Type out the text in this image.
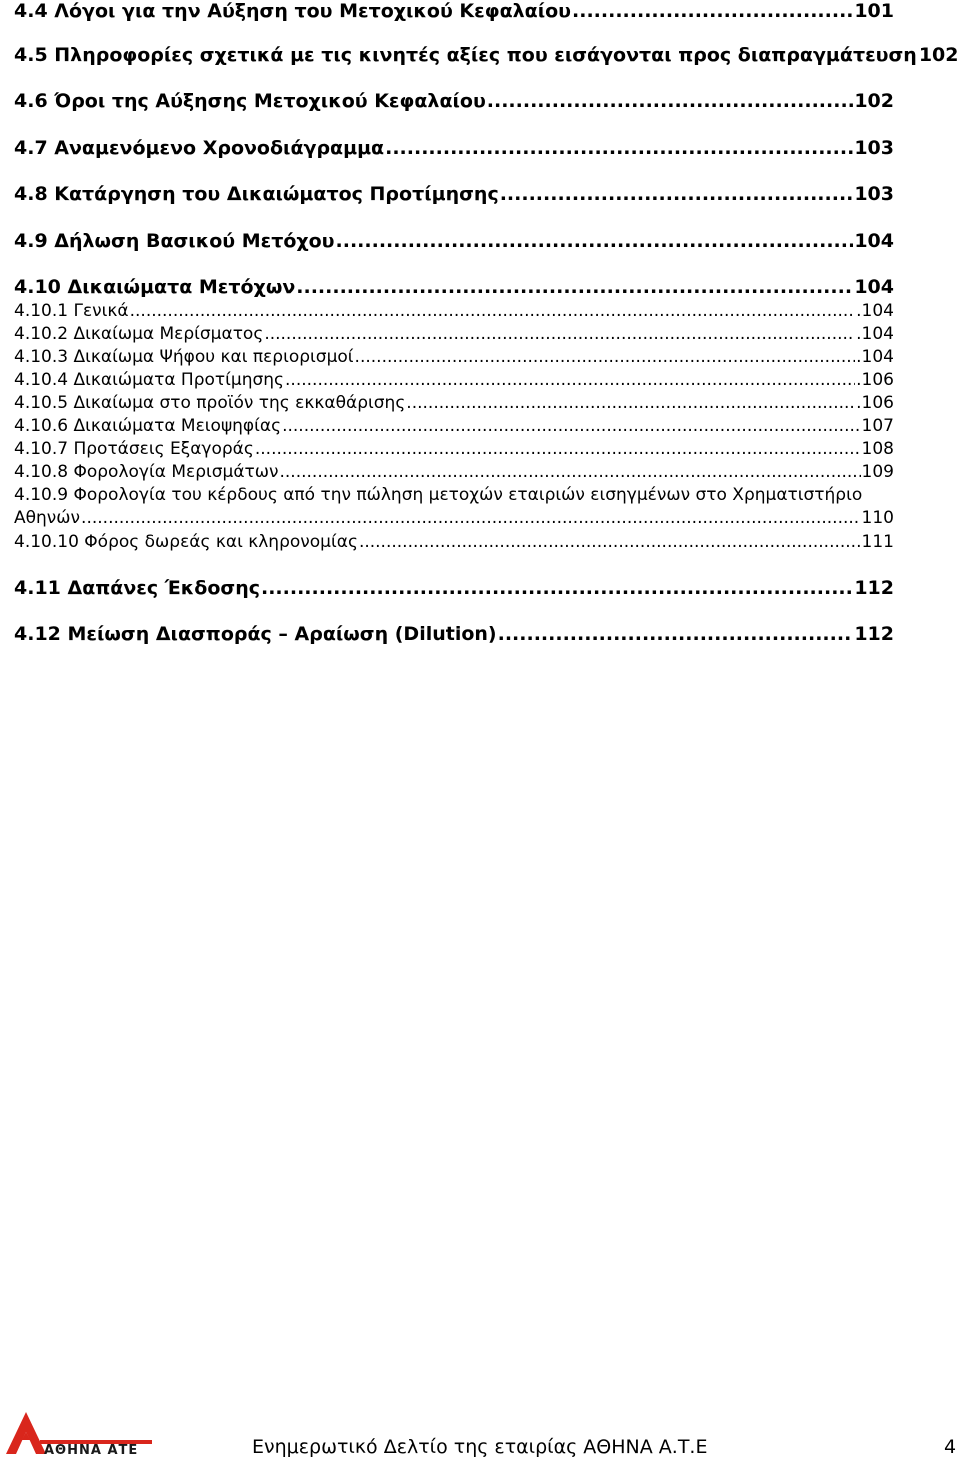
4.4 Λόγοι για την Αύξηση του Μετοχικού Κεφαλαίου .....	101
4.5 Πληροφορίες σχετικά με τις κινητές αξίες που εισάγονται προς διαπραγμάτευση 102
4.6 Όροι της Αύξησης Μετοχικού Κεφαλαίου .....	102
4.7 Αναμενόμενο Χρονοδιάγραμμα .....	103
4.8 Κατάργηση του Δικαιώματος Προτίμησης .....	103
4.9 Δήλωση Βασικού Μετόχου .....	104
4.10 Δικαιώματα Μετόχων .....	104
4.10.1 Γενικά .....	.104
4.10.2 Δικαίωμα Μερίσματος .....	.104
4.10.3 Δικαίωμα Ψήφου και περιορισμοί .....	.104
4.10.4 Δικαιώματα Προτίμησης .....	.106
4.10.5 Δικαίωμα στο προϊόν της εκκαθάρισης .....	.106
4.10.6 Δικαιώματα Μειοψηφίας .....	107
4.10.7 Προτάσεις Εξαγοράς .....	108
4.10.8 Φορολογία Μερισμάτων .....	109
4.10.9 Φορολογία του κέρδους από την πώληση μετοχών εταιριών εισηγμένων στο Χρηματιστήριο
Αθηνών .....	110
4.10.10 Φόρος δωρεάς και κληρονομίας .....	.111
4.11 Δαπάνες Έκδοσης .....	112
4.12 Μείωση Διασποράς – Αραίωση (Dilution) .....	112
ΑΘΗΝΑ ΑΤΕ	Ενημερωτικό Δελτίο της εταιρίας ΑΘΗΝΑ Α.Τ.Ε	4
